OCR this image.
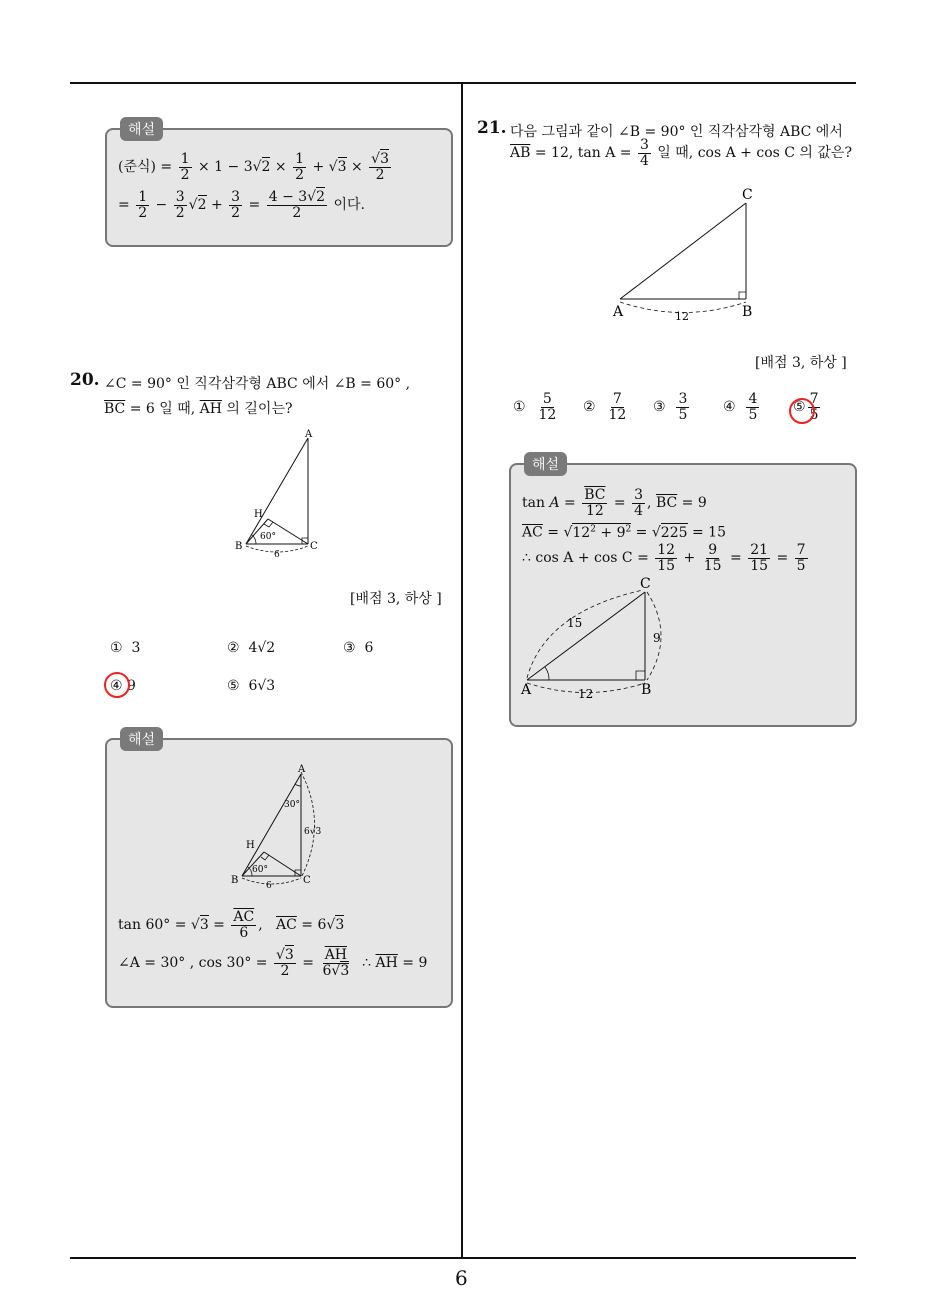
6
해설
(준식) = $\frac{1}{2} \times 1 - 3√2 \times \frac{1}{2} + √3 \times \frac{√3}{2}$
= $\frac{1}{2} - \frac{3}{2} √2 + \frac{3}{2} = \frac{4 - 3√2}{2}$ 이다.
20. ∠C = 90° 인 직각삼각형 ABC 에서 ∠B = 60° ,
$\overline{BC} = 6$ 일 때, $\overline{AH}$ 의 길이는?
A
B	C
H
60°
6
[배점 3, 하상 ]
① 3	② 4√2	③ 6
④ 9	⑤ 6√3
해설
A
B	C
H
60°
30°
6
6√3
$\tan 60^\circ = √3 = \frac{\overline{AC}}{6}$ ,   $\overline{AC} = 6√3$
∠A = 30° , $\cos 30^\circ = \frac{√3}{2} = \frac{\overline{AH}}{6√3}$ ∴ $\overline{AH} = 9$
21. 다음 그림과 같이 ∠B = 90° 인 직각삼각형 ABC 에서
$\overline{AB} = 12$, $\tan A = \frac{3}{4}$ 일 때, cos A + cos C 의 값은?
C
A	B
12
[배점 3, 하상 ]
① $\frac{5}{12}$ ② $\frac{7}{12}$ ③ $\frac{3}{5}$ ④ $\frac{4}{5}$ ⑤ $\frac{7}{5}$
해설
$\tan A = \frac{\overline{BC}}{12} = \frac{3}{4}$ , $\overline{BC} = 9$
$\overline{AC} = √12^2 + 9^2 = √225 = 15$
∴ $\cos A + \cos C = \frac{12}{15} + \frac{9}{15} = \frac{21}{15} = \frac{7}{5}$
C
A	B
15
9
12
